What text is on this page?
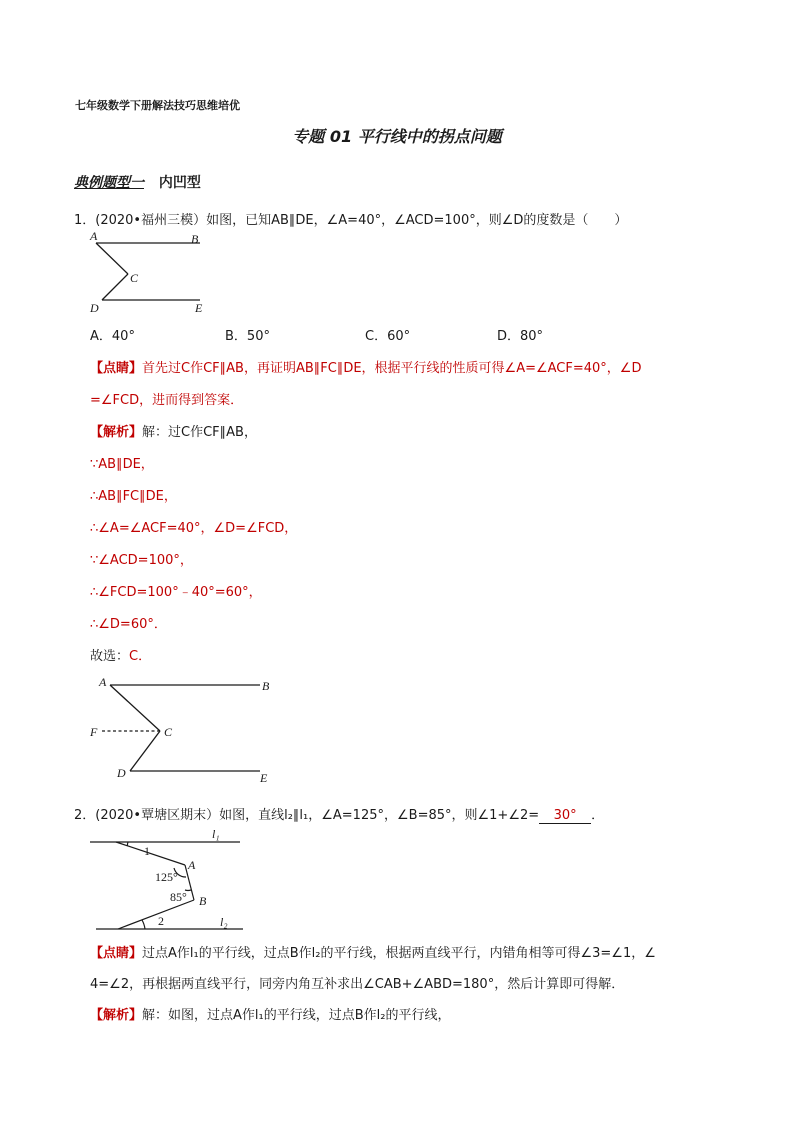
七年级数学下册解法技巧思维培优
专题 01 平行线中的拐点问题
典例题型一 内凹型
1．(2020•福州三模）如图，已知AB∥DE，∠A=40°，∠ACD=100°，则∠D的度数是（　　）
A	B
C
D	E
A．40°	B．50°	C．60°	D．80°
【点睛】首先过C作CF∥AB，再证明AB∥FC∥DE，根据平行线的性质可得∠A=∠ACF=40°，∠D
=∠FCD，进而得到答案．
【解析】解：过C作CF∥AB，
∵AB∥DE，
∴AB∥FC∥DE，
∴∠A=∠ACF=40°，∠D=∠FCD，
∵∠ACD=100°，
∴∠FCD=100°﹣40°=60°，
∴∠D=60°．
故选：C．
A	B
C
F
D	E
2．(2020•覃塘区期末）如图，直线l₂∥l₁，∠A=125°，∠B=85°，则∠1+∠2= 30° ．
l₁
l₂
1
2
A
B
125°
85°
【点睛】过点A作l₁的平行线，过点B作l₂的平行线，根据两直线平行，内错角相等可得∠3=∠1，∠
4=∠2，再根据两直线平行，同旁内角互补求出∠CAB+∠ABD=180°，然后计算即可得解．
【解析】解：如图，过点A作l₁的平行线，过点B作l₂的平行线，
